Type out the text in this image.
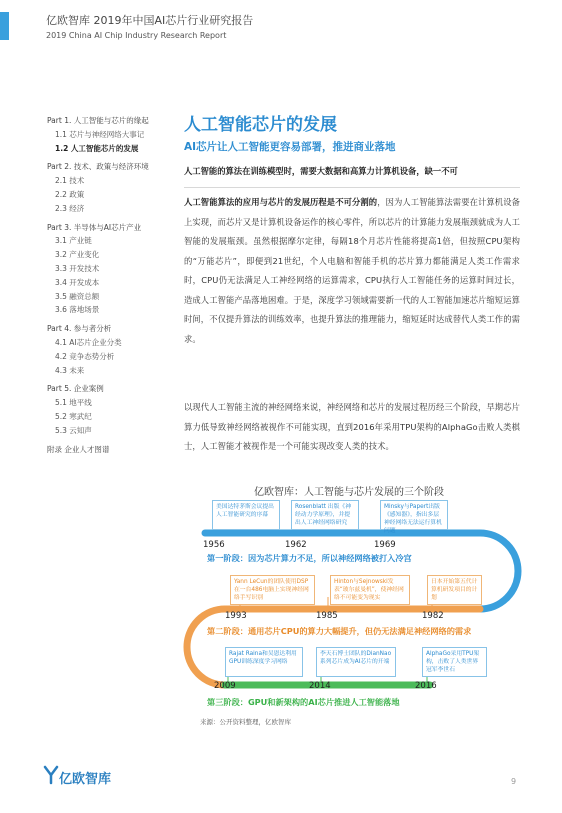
亿欧智库 2019年中国AI芯片行业研究报告
2019 China AI Chip Industry Research Report
Part 1. 人工智能与芯片的缘起
1.1 芯片与神经网络大事记
1.2 人工智能芯片的发展
Part 2. 技术、政策与经济环境
2.1 技术
2.2 政策
2.3 经济
Part 3. 半导体与AI芯片产业
3.1 产业链
3.2 产业变化
3.3 开发技术
3.4 开发成本
3.5 融资总额
3.6 落地场景
Part 4. 参与者分析
4.1 AI芯片企业分类
4.2 竞争态势分析
4.3 未来
Part 5. 企业案例
5.1 地平线
5.2 寒武纪
5.3 云知声
附录 企业人才图谱
人工智能芯片的发展
AI芯片让人工智能更容易部署，推进商业落地
人工智能的算法在训练模型时，需要大数据和高算力计算机设备，缺一不可
人工智能算法的应用与芯片的发展历程是不可分割的，因为人工智能算法需要在计算机设备上实现，而芯片又是计算机设备运作的核心零件，所以芯片的计算能力发展瓶颈就成为人工智能的发展瓶颈。虽然根据摩尔定律，每隔18个月芯片性能将提高1倍，但按照CPU架构的“万能芯片”，即便到21世纪，个人电脑和智能手机的芯片算力都能满足人类工作需求时，CPU仍无法满足人工神经网络的运算需求，CPU执行人工智能任务的运算时间过长，造成人工智能产品落地困难。于是，深度学习领域需要新一代的人工智能加速芯片缩短运算时间，不仅提升算法的训练效率，也提升算法的推理能力，缩短延时达成替代人类工作的需求。
以现代人工智能主流的神经网络来说，神经网络和芯片的发展过程历经三个阶段，早期芯片算力低导致神经网络被视作不可能实现，直到2016年采用TPU架构的AlphaGo击败人类棋士，人工智能才被视作是一个可能实现改变人类的技术。
亿欧智库：人工智能与芯片发展的三个阶段
美国达特茅斯会议提出人工智能研究的序幕
Rosenblatt 出版《神经动力学原理》，并提出人工神经网络研究
Minsky与Papert出版《感知器》，指出多层神经网络无法运行算机问题
1956	1962	1969
第一阶段：因为芯片算力不足，所以神经网络被打入冷宫
Yann LeCun的团队使用DSP在一台486电脑上实现神经网络手写识别
Hinton与Sejnowski发表“玻尔兹曼机”，使神经网络不可能变为现实
日本开始第五代计算机研发项目的计划
1993	1985	1982
第二阶段：通用芯片CPU的算力大幅提升，但仍无法满足神经网络的需求
Rajat Raina和吴恩达利用GPU训练深度学习网络
李天石博士团队的DianNao系列芯片成为AI芯片的开端
AlphaGo采用TPU架构，击败了人类世界冠军李世石
2009	2014	2016
第三阶段：GPU和新架构的AI芯片推进人工智能落地
来源：公开资料整理，亿欧智库
亿欧智库	9
